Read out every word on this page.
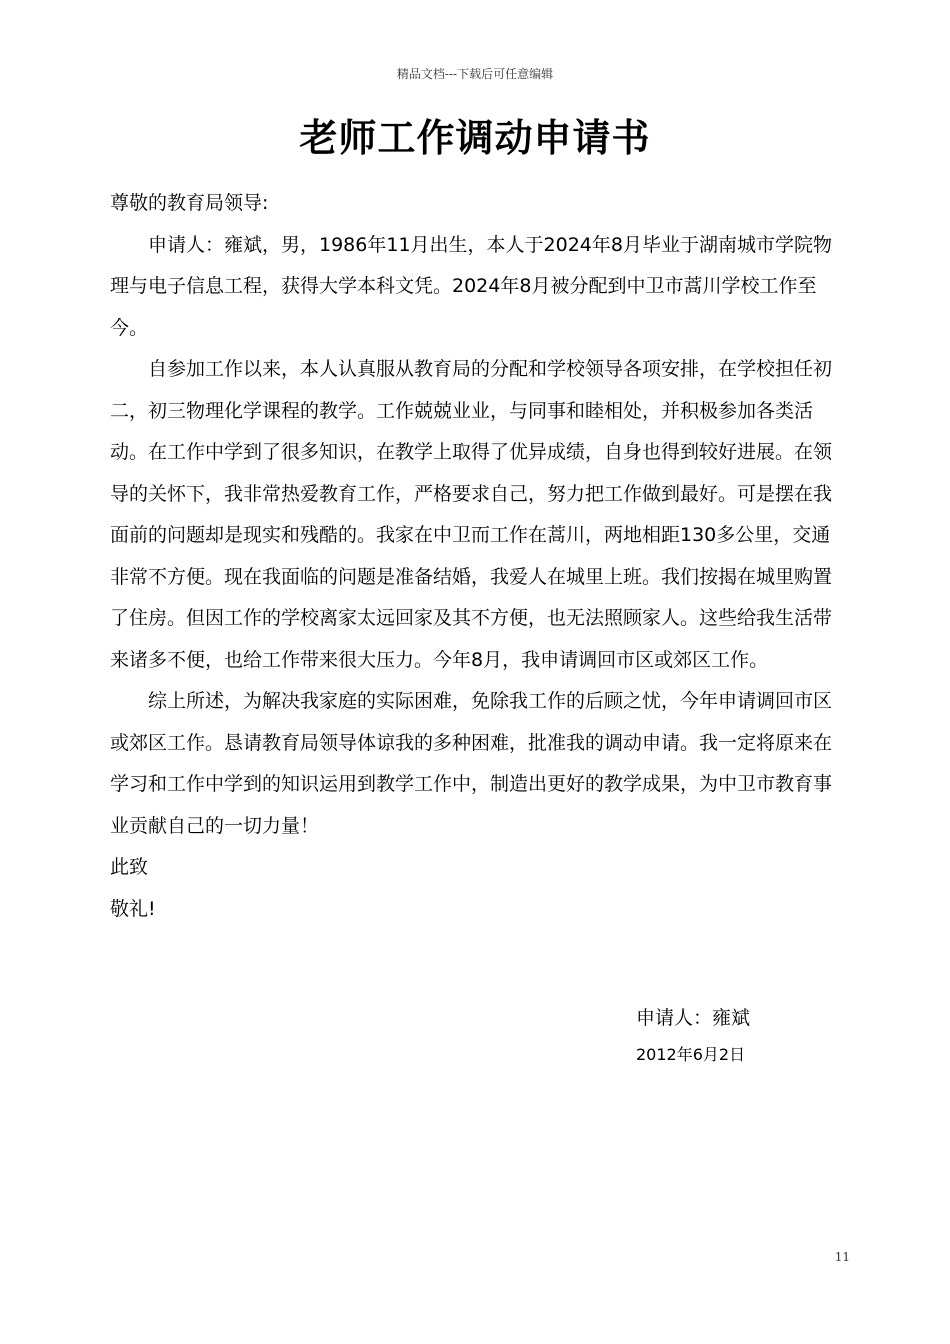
精品文档---下载后可任意编辑
老师工作调动申请书

尊敬的教育局领导:

申请人：雍斌，男，1986年11月出生，本人于2024年8月毕业于湖南城市学院物理与电子信息工程，获得大学本科文凭。2024年8月被分配到中卫市蒿川学校工作至今。

自参加工作以来，本人认真服从教育局的分配和学校领导各项安排，在学校担任初二，初三物理化学课程的教学。工作兢兢业业，与同事和睦相处，并积极参加各类活动。在工作中学到了很多知识，在教学上取得了优异成绩，自身也得到较好进展。在领导的关怀下，我非常热爱教育工作，严格要求自己，努力把工作做到最好。可是摆在我面前的问题却是现实和残酷的。我家在中卫而工作在蒿川，两地相距130多公里，交通非常不方便。现在我面临的问题是准备结婚，我爱人在城里上班。我们按揭在城里购置了住房。但因工作的学校离家太远回家及其不方便，也无法照顾家人。这些给我生活带来诸多不便，也给工作带来很大压力。今年8月，我申请调回市区或郊区工作。

综上所述，为解决我家庭的实际困难，免除我工作的后顾之忧，今年申请调回市区或郊区工作。恳请教育局领导体谅我的多种困难，批准我的调动申请。我一定将原来在学习和工作中学到的知识运用到教学工作中，制造出更好的教学成果，为中卫市教育事业贡献自己的一切力量！

此致

敬礼!

申请人：雍斌
2012年6月2日
11
